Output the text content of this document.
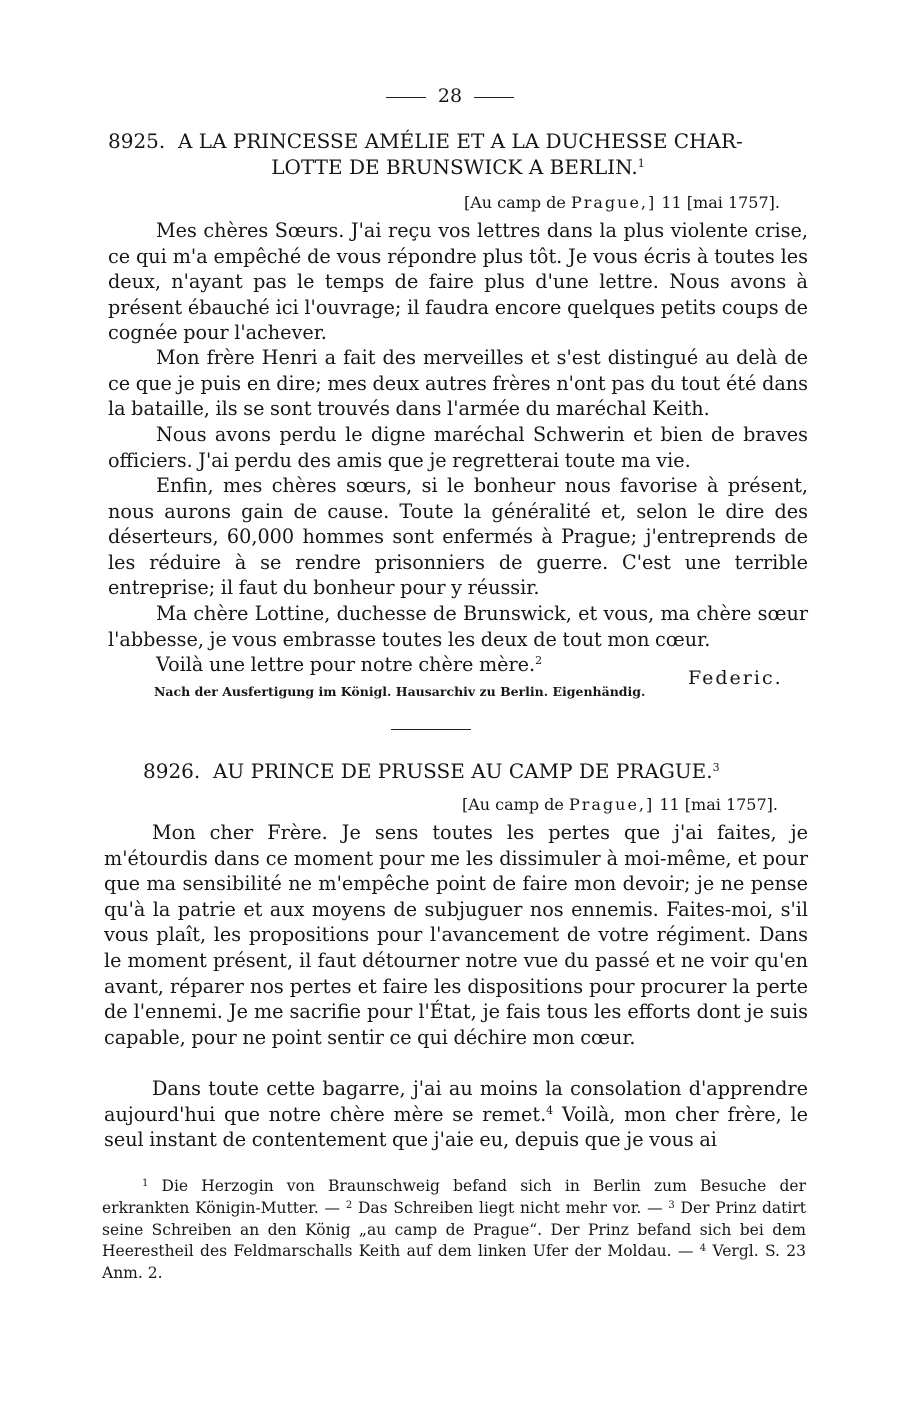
28
8925. A LA PRINCESSE AMÉLIE ET A LA DUCHESSE CHAR-
LOTTE DE BRUNSWICK A BERLIN.$^1$
[Au camp de Prague,] 11 [mai 1757].

Mes chères Sœurs. J'ai reçu vos lettres dans la plus violente crise, ce qui m'a empêché de vous répondre plus tôt. Je vous écris à toutes les deux, n'ayant pas le temps de faire plus d'une lettre. Nous avons à présent ébauché ici l'ouvrage; il faudra encore quelques petits coups de cognée pour l'achever.

Mon frère Henri a fait des merveilles et s'est distingué au delà de ce que je puis en dire; mes deux autres frères n'ont pas du tout été dans la bataille, ils se sont trouvés dans l'armée du maréchal Keith.

Nous avons perdu le digne maréchal Schwerin et bien de braves officiers. J'ai perdu des amis que je regretterai toute ma vie.

Enfin, mes chères sœurs, si le bonheur nous favorise à présent, nous aurons gain de cause. Toute la généralité et, selon le dire des déserteurs, 60,000 hommes sont enfermés à Prague; j'entreprends de les réduire à se rendre prisonniers de guerre. C'est une terrible entreprise; il faut du bonheur pour y réussir.

Ma chère Lottine, duchesse de Brunswick, et vous, ma chère sœur l'abbesse, je vous embrasse toutes les deux de tout mon cœur.

Voilà une lettre pour notre chère mère.$^2$

Federic.
Nach der Ausfertigung im Königl. Hausarchiv zu Berlin. Eigenhändig.
8926. AU PRINCE DE PRUSSE AU CAMP DE PRAGUE.$^3$
[Au camp de Prague,] 11 [mai 1757].

Mon cher Frère. Je sens toutes les pertes que j'ai faites, je m'étourdis dans ce moment pour me les dissimuler à moi-même, et pour que ma sensibilité ne m'empêche point de faire mon devoir; je ne pense qu'à la patrie et aux moyens de subjuguer nos ennemis. Faites-moi, s'il vous plaît, les propositions pour l'avancement de votre régiment. Dans le moment présent, il faut détourner notre vue du passé et ne voir qu'en avant, réparer nos pertes et faire les dispositions pour procurer la perte de l'ennemi. Je me sacrifie pour l'État, je fais tous les efforts dont je suis capable, pour ne point sentir ce qui déchire mon cœur.

Dans toute cette bagarre, j'ai au moins la consolation d'apprendre aujourd'hui que notre chère mère se remet.$^4$ Voilà, mon cher frère, le seul instant de contentement que j'aie eu, depuis que je vous ai

$^1$ Die Herzogin von Braunschweig befand sich in Berlin zum Besuche der erkrankten Königin-Mutter. — $^2$ Das Schreiben liegt nicht mehr vor. — $^3$ Der Prinz datirt seine Schreiben an den König „au camp de Prague“. Der Prinz befand sich bei dem Heerestheil des Feldmarschalls Keith auf dem linken Ufer der Moldau. — $^4$ Vergl. S. 23 Anm. 2.
